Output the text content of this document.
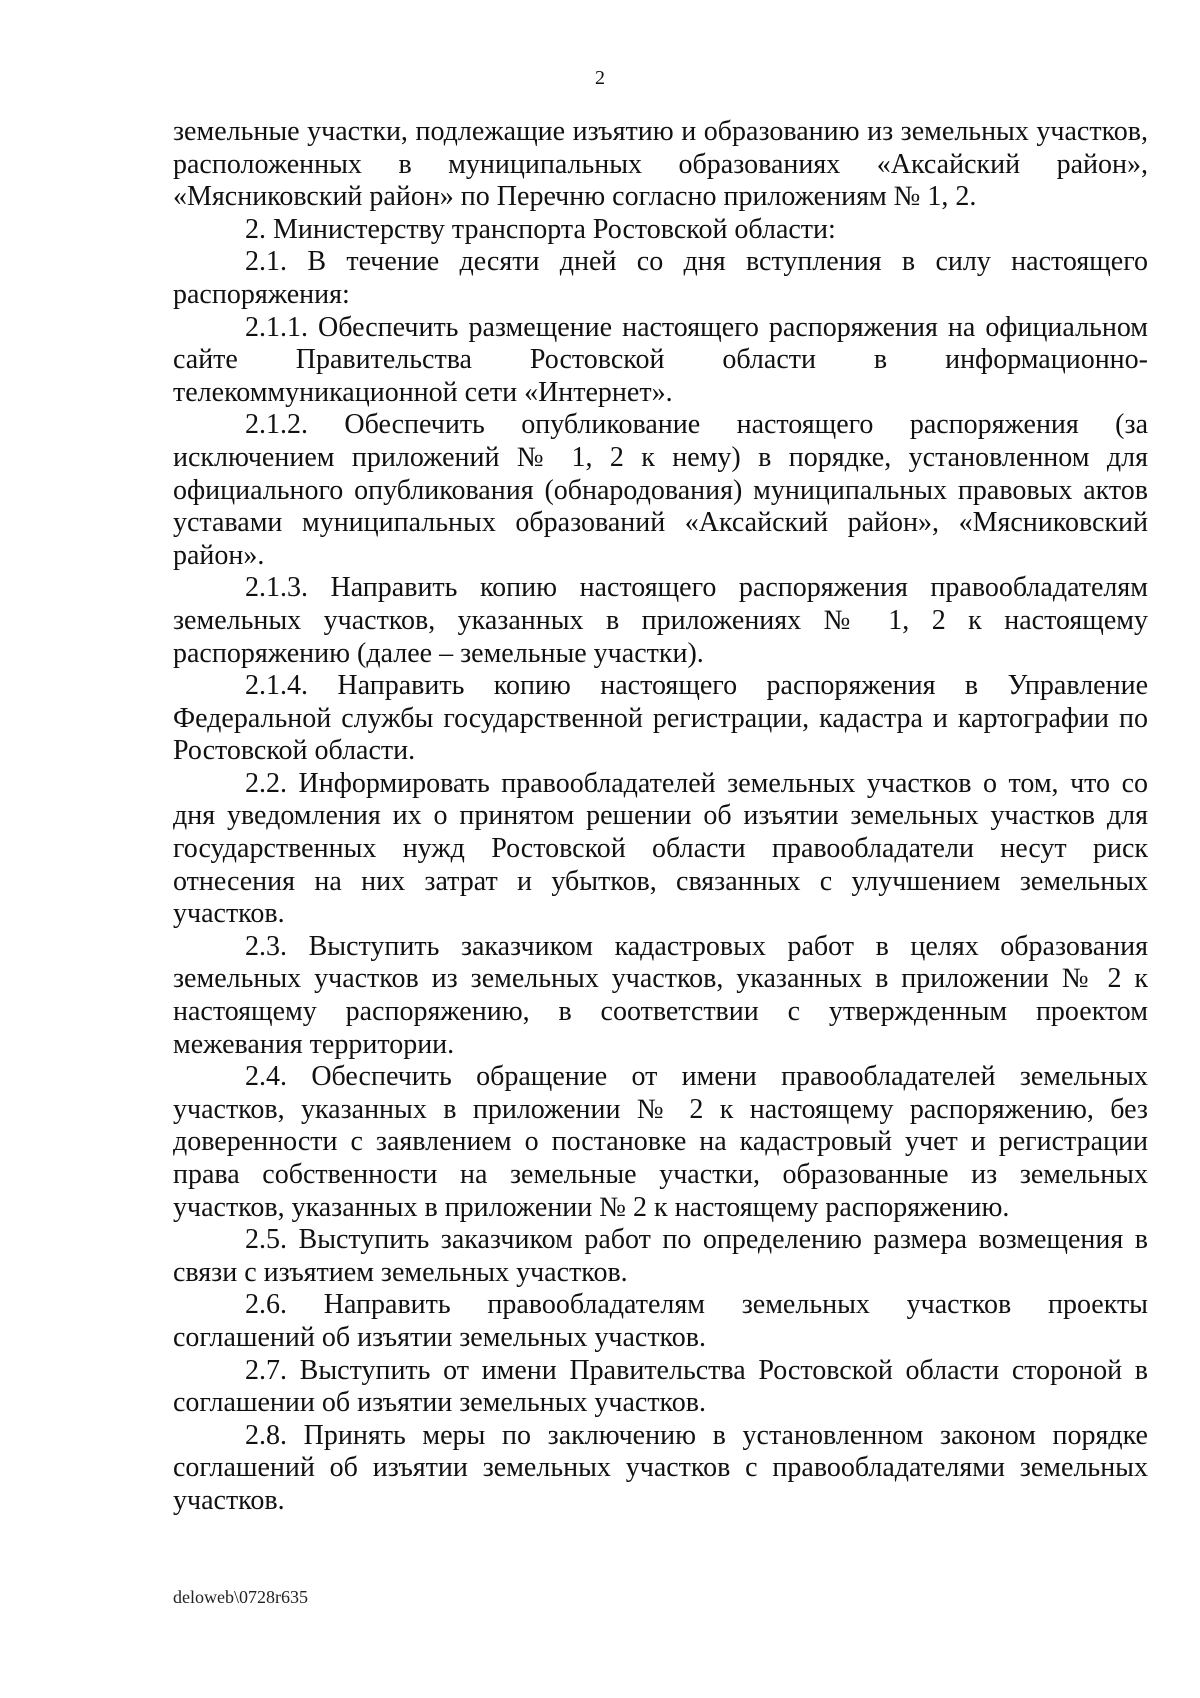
2

земельные участки, подлежащие изъятию и образованию из земельных участков, расположенных в муниципальных образованиях «Аксайский район», «Мясниковский район» по Перечню согласно приложениям № 1, 2.

2. Министерству транспорта Ростовской области:

2.1. В течение десяти дней со дня вступления в силу настоящего распоряжения:

2.1.1. Обеспечить размещение настоящего распоряжения на официальном сайте Правительства Ростовской области в информационно-телекоммуникационной сети «Интернет».

2.1.2. Обеспечить опубликование настоящего распоряжения (за исключением приложений № 1, 2 к нему) в порядке, установленном для официального опубликования (обнародования) муниципальных правовых актов уставами муниципальных образований «Аксайский район», «Мясниковский район».

2.1.3. Направить копию настоящего распоряжения правообладателям земельных участков, указанных в приложениях № 1, 2 к настоящему распоряжению (далее – земельные участки).

2.1.4. Направить копию настоящего распоряжения в Управление Федеральной службы государственной регистрации, кадастра и картографии по Ростовской области.

2.2. Информировать правообладателей земельных участков о том, что со дня уведомления их о принятом решении об изъятии земельных участков для государственных нужд Ростовской области правообладатели несут риск отнесения на них затрат и убытков, связанных с улучшением земельных участков.

2.3. Выступить заказчиком кадастровых работ в целях образования земельных участков из земельных участков, указанных в приложении № 2 к настоящему распоряжению, в соответствии с утвержденным проектом межевания территории.

2.4. Обеспечить обращение от имени правообладателей земельных участков, указанных в приложении № 2 к настоящему распоряжению, без доверенности с заявлением о постановке на кадастровый учет и регистрации права собственности на земельные участки, образованные из земельных участков, указанных в приложении № 2 к настоящему распоряжению.

2.5. Выступить заказчиком работ по определению размера возмещения в связи с изъятием земельных участков.

2.6. Направить правообладателям земельных участков проекты соглашений об изъятии земельных участков.

2.7. Выступить от имени Правительства Ростовской области стороной в соглашении об изъятии земельных участков.

2.8. Принять меры по заключению в установленном законом порядке соглашений об изъятии земельных участков с правообладателями земельных участков.

deloweb\0728r635
